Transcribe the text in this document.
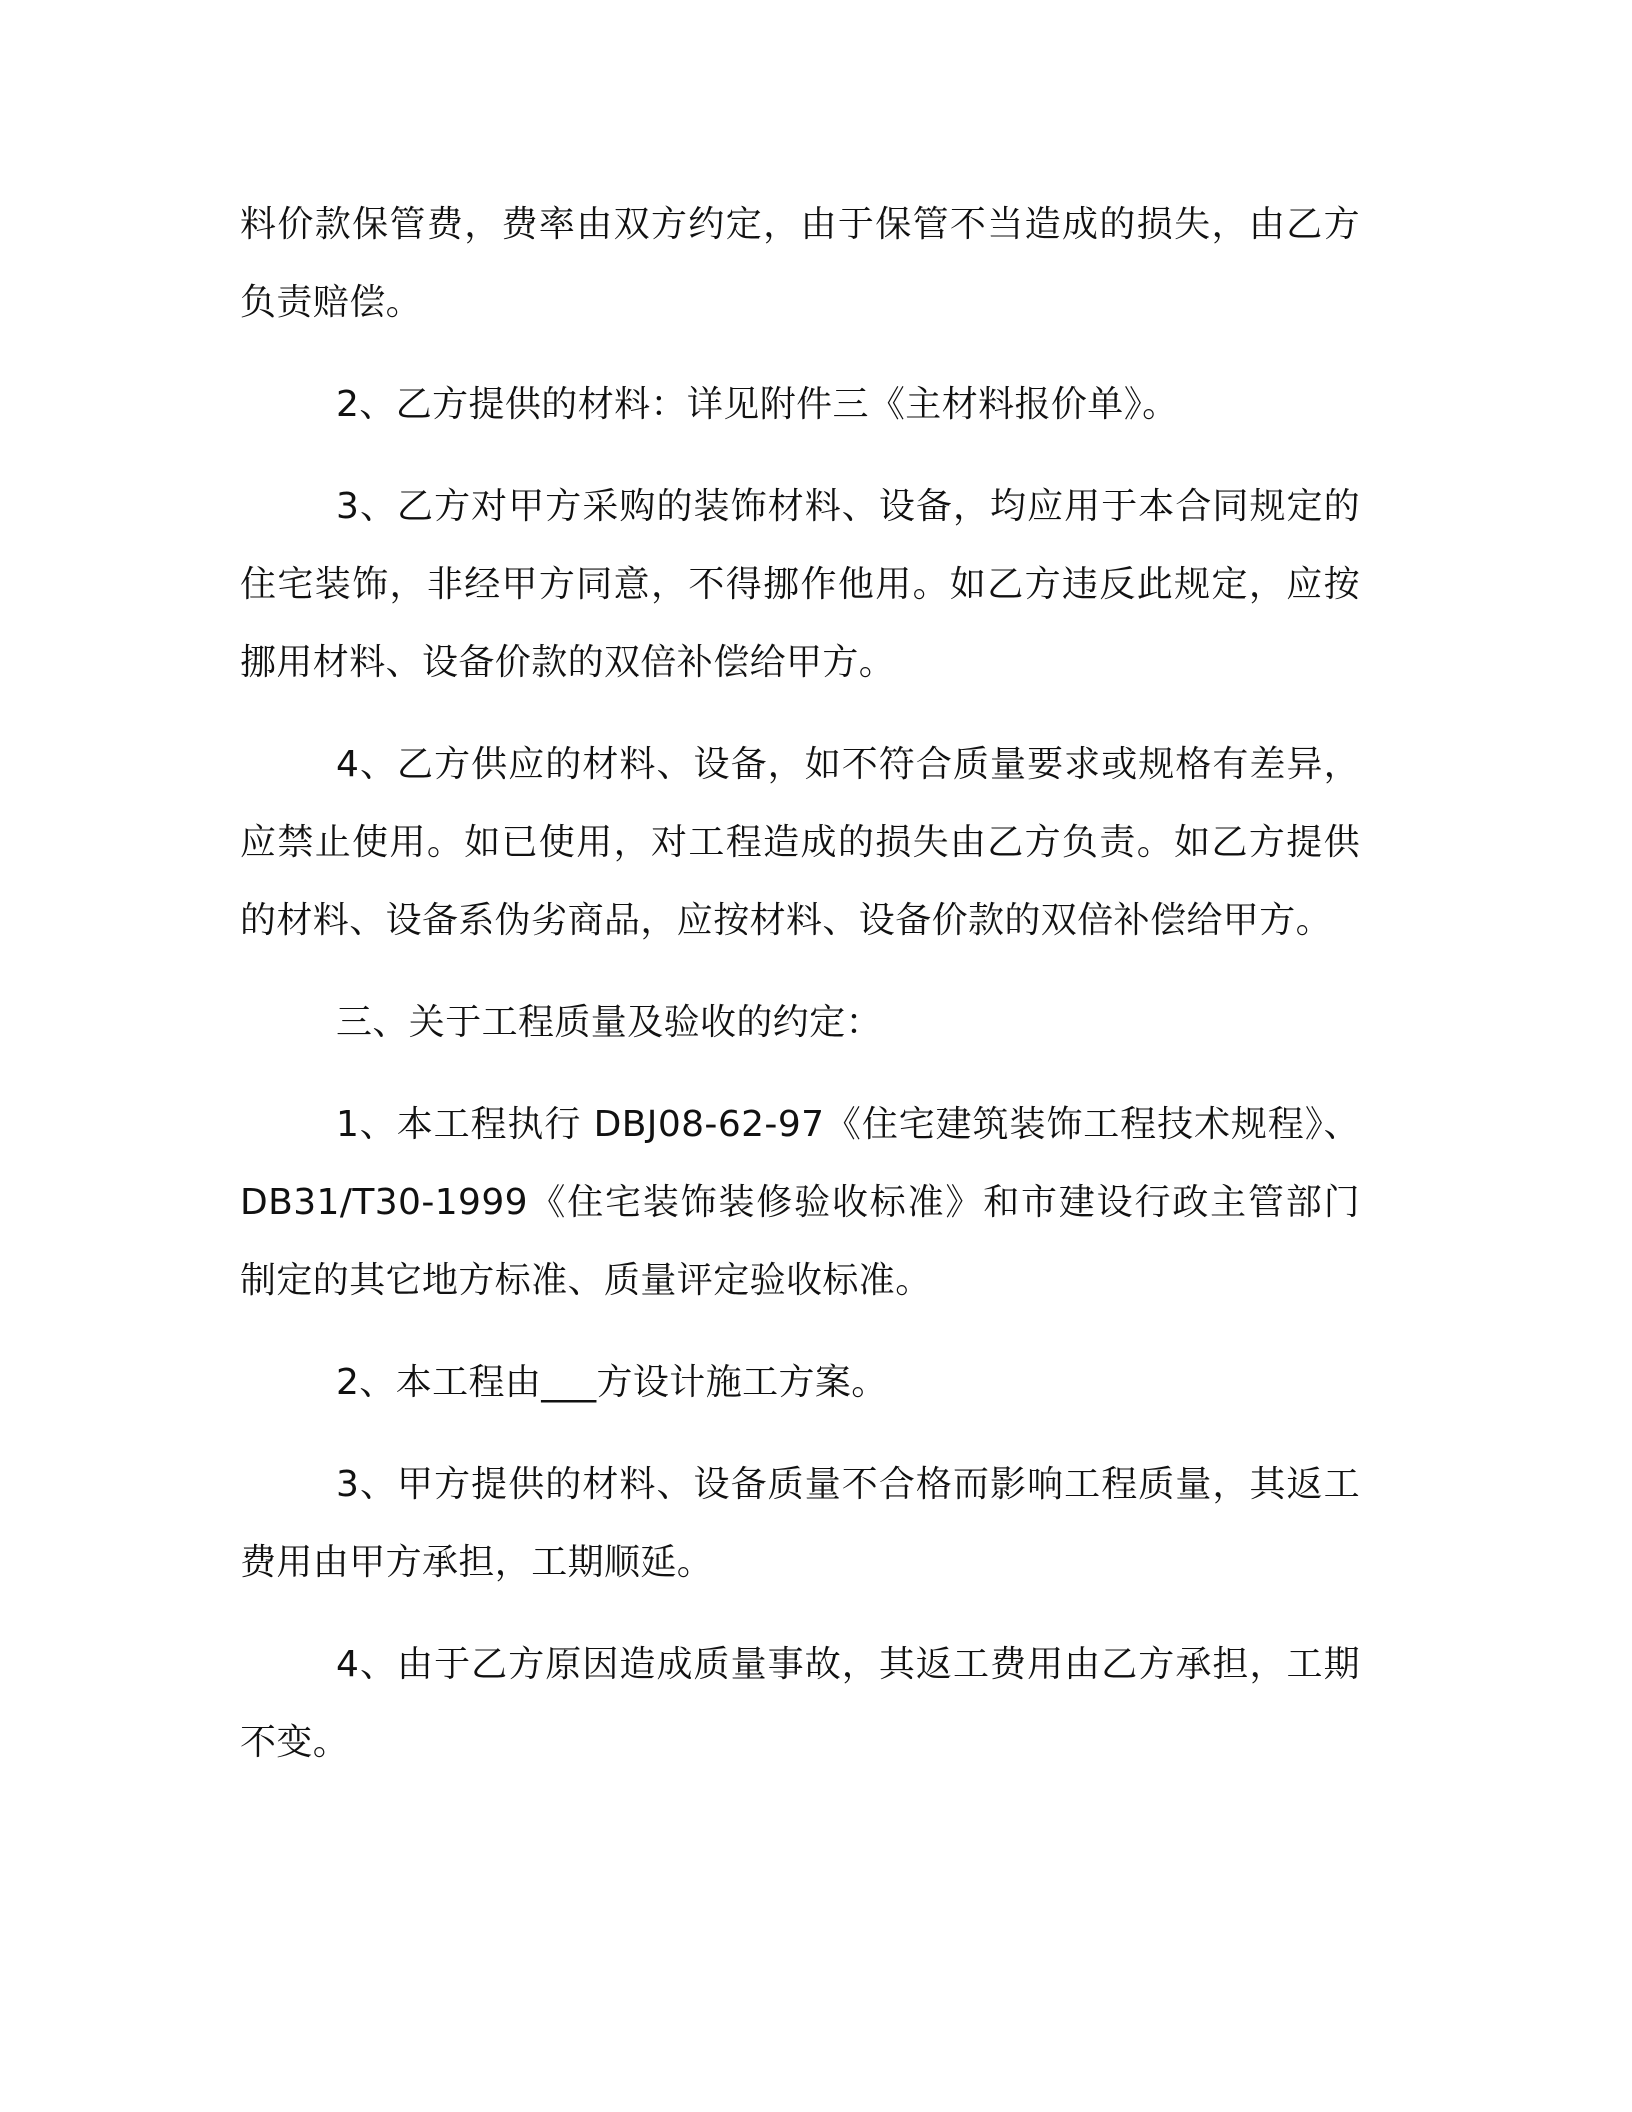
料价款保管费，费率由双方约定，由于保管不当造成的损失，由乙方负责赔偿。

2、乙方提供的材料：详见附件三《主材料报价单》。

3、乙方对甲方采购的装饰材料、设备，均应用于本合同规定的住宅装饰，非经甲方同意，不得挪作他用。如乙方违反此规定，应按挪用材料、设备价款的双倍补偿给甲方。

4、乙方供应的材料、设备，如不符合质量要求或规格有差异，应禁止使用。如已使用，对工程造成的损失由乙方负责。如乙方提供的材料、设备系伪劣商品，应按材料、设备价款的双倍补偿给甲方。

三、关于工程质量及验收的约定：

1、本工程执行 DBJ08-62-97《住宅建筑装饰工程技术规程》、DB31/T30-1999《住宅装饰装修验收标准》和市建设行政主管部门制定的其它地方标准、质量评定验收标准。

2、本工程由___方设计施工方案。

3、甲方提供的材料、设备质量不合格而影响工程质量，其返工费用由甲方承担，工期顺延。

4、由于乙方原因造成质量事故，其返工费用由乙方承担，工期不变。
